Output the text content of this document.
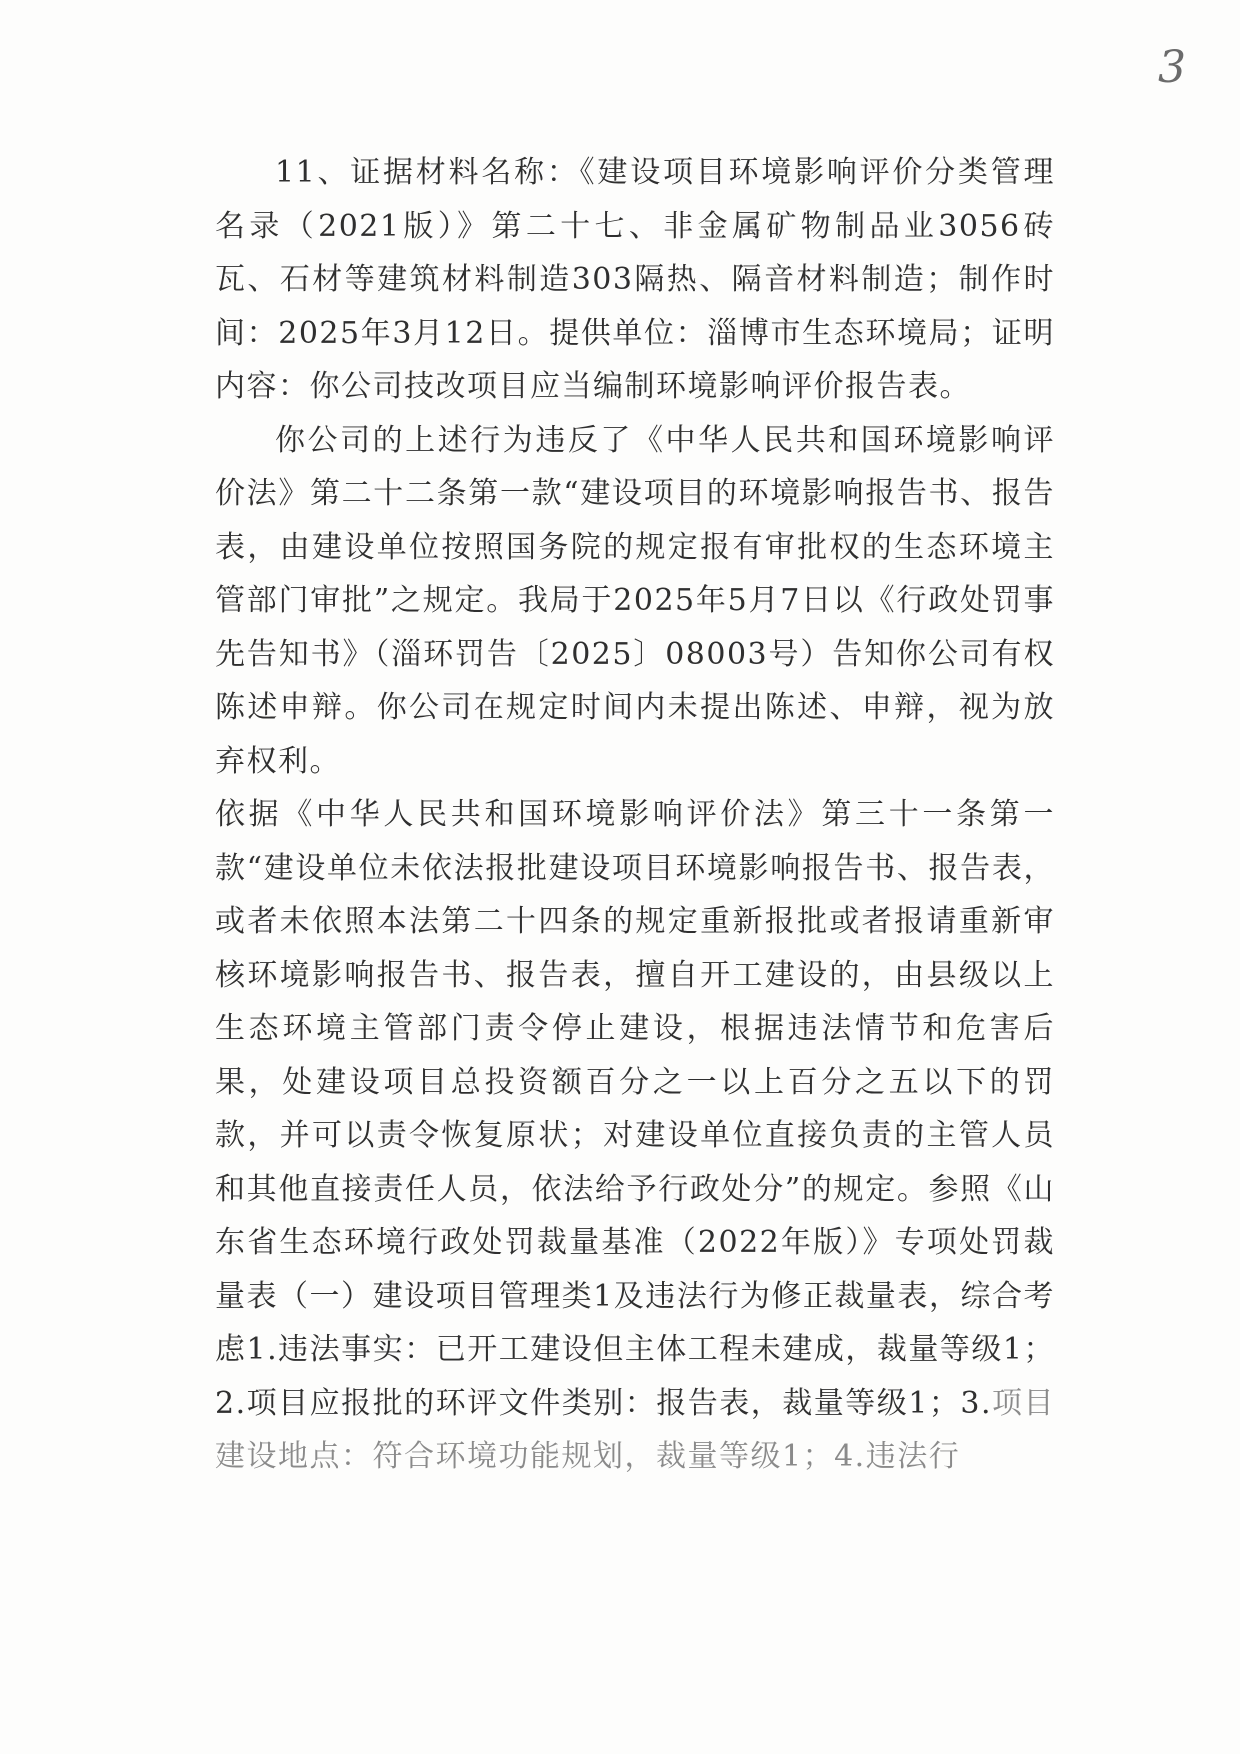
3

11、证据材料名称：《建设项目环境影响评价分类管理名录（2021版）》第二十七、非金属矿物制品业3056砖瓦、石材等建筑材料制造303隔热、隔音材料制造；制作时间：2025年3月12日。提供单位：淄博市生态环境局；证明内容：你公司技改项目应当编制环境影响评价报告表。

你公司的上述行为违反了《中华人民共和国环境影响评价法》第二十二条第一款“建设项目的环境影响报告书、报告表，由建设单位按照国务院的规定报有审批权的生态环境主管部门审批”之规定。我局于2025年5月7日以《行政处罚事先告知书》（淄环罚告〔2025〕08003号）告知你公司有权陈述申辩。你公司在规定时间内未提出陈述、申辩，视为放弃权利。

依据《中华人民共和国环境影响评价法》第三十一条第一款“建设单位未依法报批建设项目环境影响报告书、报告表，或者未依照本法第二十四条的规定重新报批或者报请重新审核环境影响报告书、报告表，擅自开工建设的，由县级以上生态环境主管部门责令停止建设，根据违法情节和危害后果，处建设项目总投资额百分之一以上百分之五以下的罚款，并可以责令恢复原状；对建设单位直接负责的主管人员和其他直接责任人员，依法给予行政处分”的规定。参照《山东省生态环境行政处罚裁量基准（2022年版）》专项处罚裁量表（一）建设项目管理类1及违法行为修正裁量表，综合考虑1.违法事实：已开工建设但主体工程未建成，裁量等级1；2.项目应报批的环评文件类别：报告表，裁量等级1；3.

项目建设地点：符合环境功能规划，裁量等级1；4.违法行
